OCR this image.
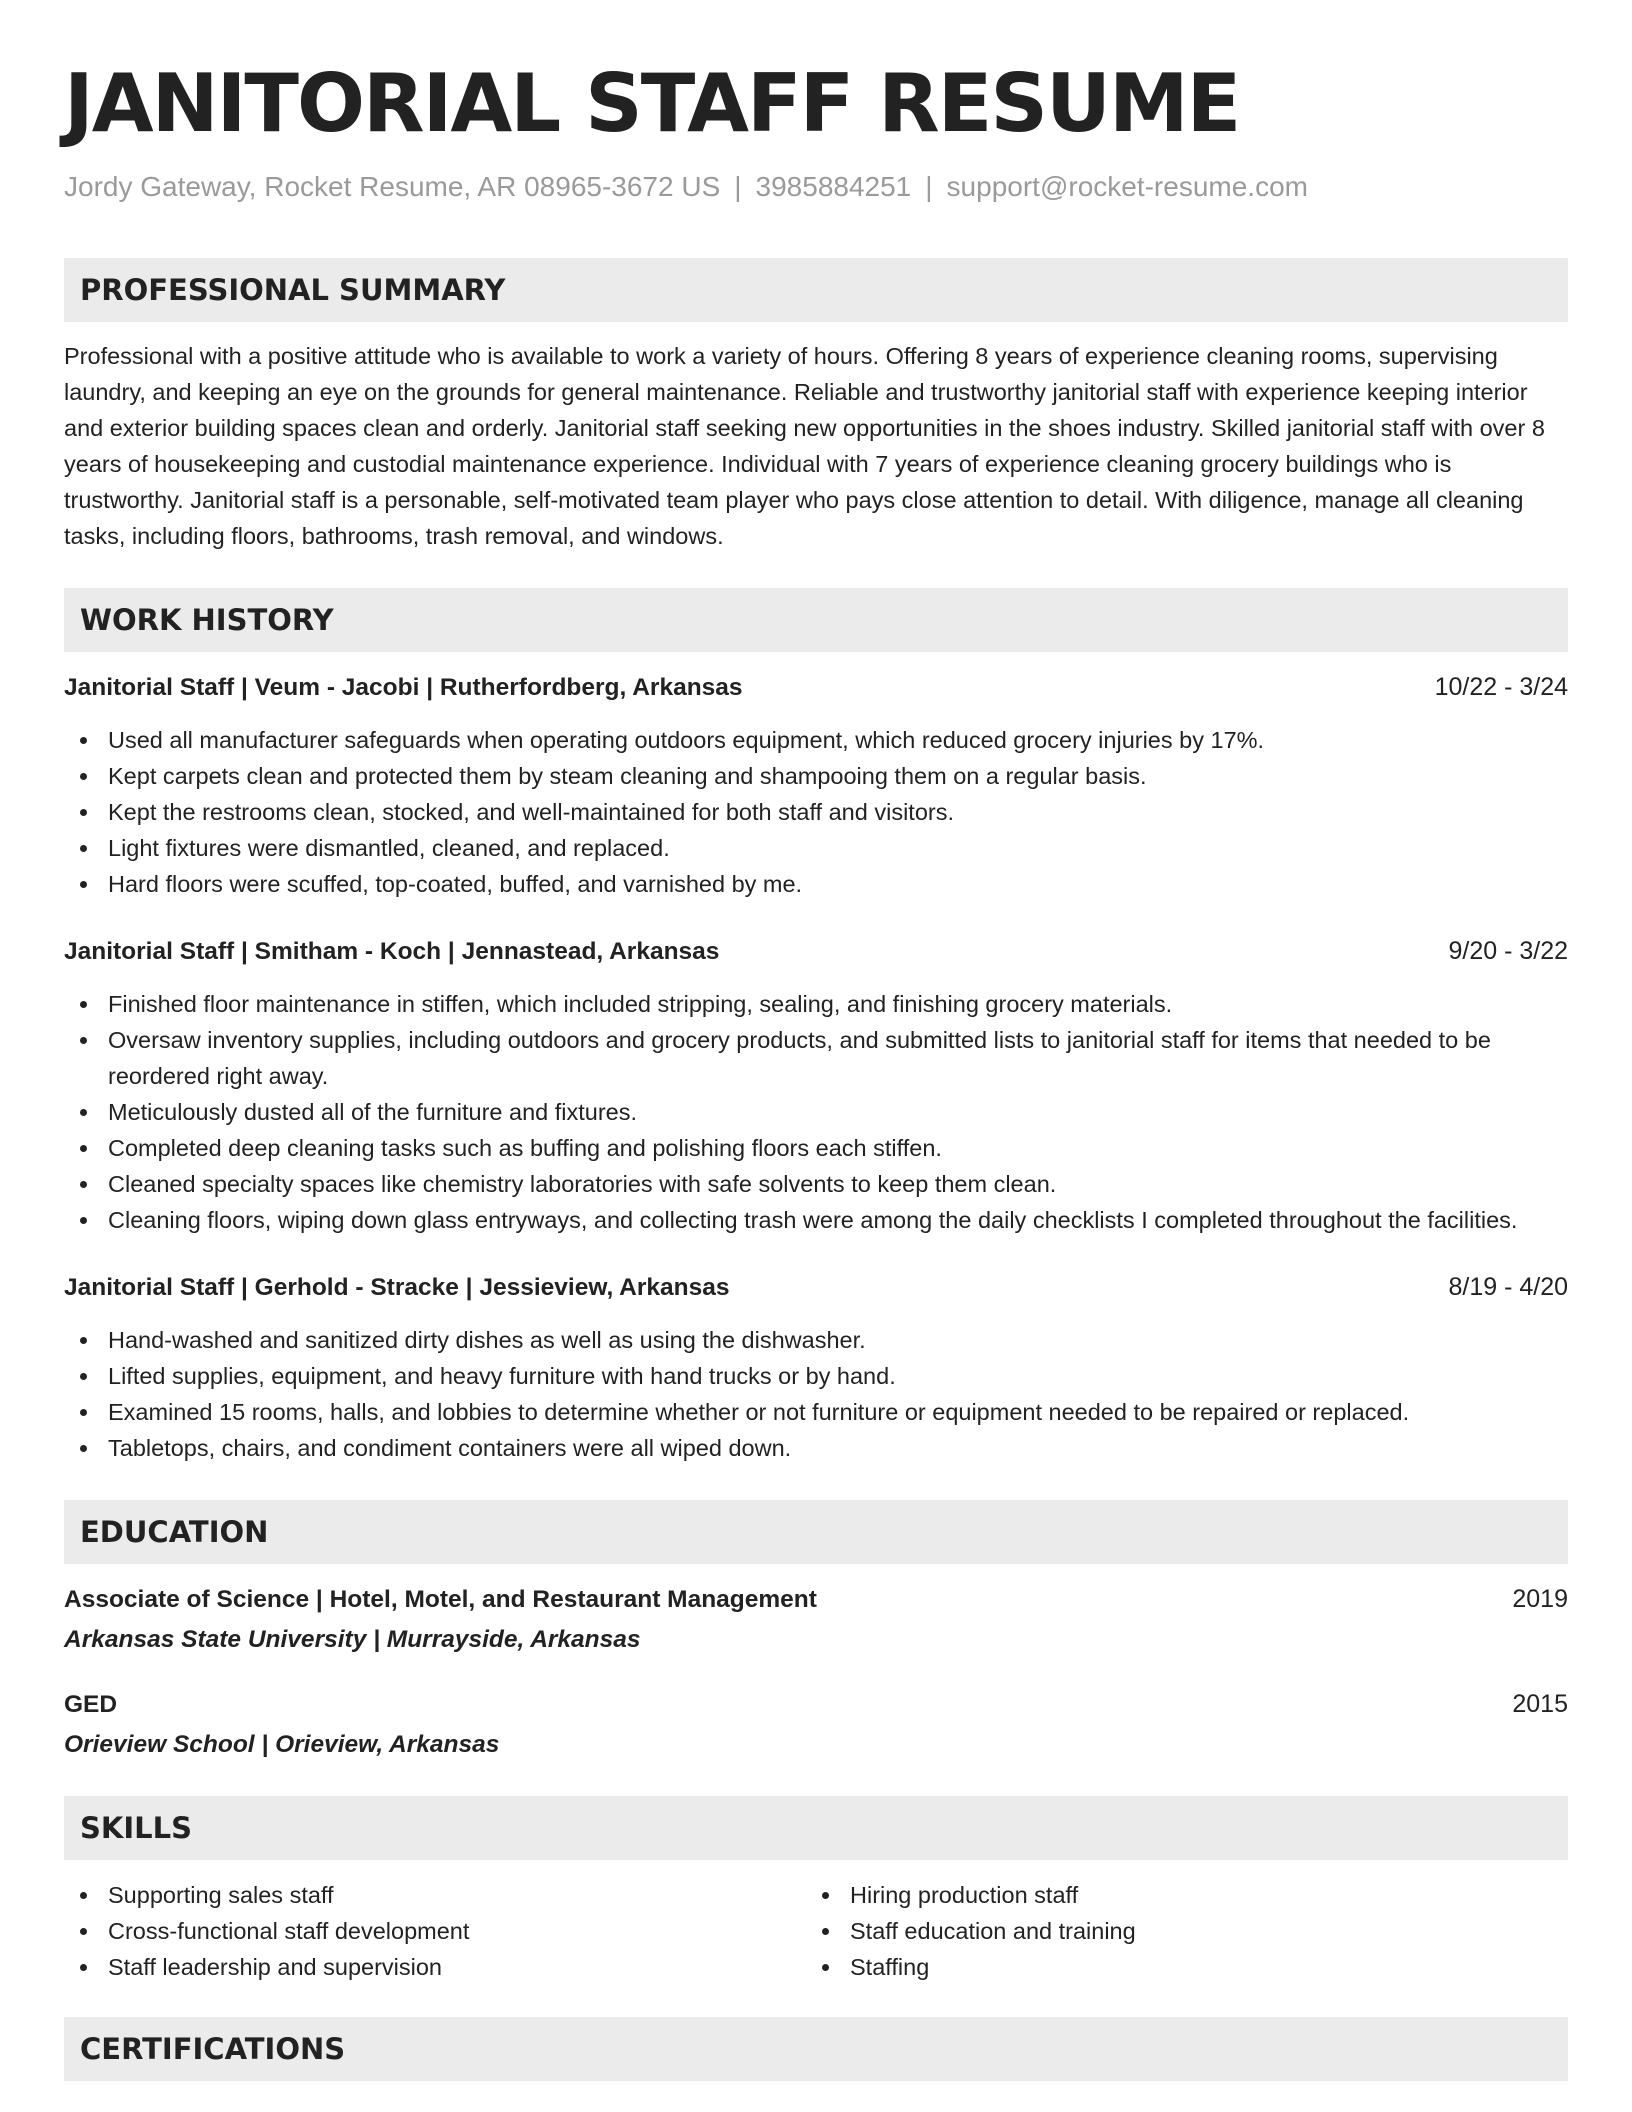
JANITORIAL STAFF RESUME
Jordy Gateway, Rocket Resume, AR 08965-3672 US | 3985884251 | support@rocket-resume.com
PROFESSIONAL SUMMARY

Professional with a positive attitude who is available to work a variety of hours. Offering 8 years of experience cleaning rooms, supervising laundry, and keeping an eye on the grounds for general maintenance. Reliable and trustworthy janitorial staff with experience keeping interior and exterior building spaces clean and orderly. Janitorial staff seeking new opportunities in the shoes industry. Skilled janitorial staff with over 8 years of housekeeping and custodial maintenance experience. Individual with 7 years of experience cleaning grocery buildings who is trustworthy. Janitorial staff is a personable, self-motivated team player who pays close attention to detail. With diligence, manage all cleaning tasks, including floors, bathrooms, trash removal, and windows.

WORK HISTORY
Janitorial Staff | Veum - Jacobi | Rutherfordberg, Arkansas	10/22 - 3/24
Used all manufacturer safeguards when operating outdoors equipment, which reduced grocery injuries by 17%.
Kept carpets clean and protected them by steam cleaning and shampooing them on a regular basis.
Kept the restrooms clean, stocked, and well-maintained for both staff and visitors.
Light fixtures were dismantled, cleaned, and replaced.
Hard floors were scuffed, top-coated, buffed, and varnished by me.
Janitorial Staff | Smitham - Koch | Jennastead, Arkansas	9/20 - 3/22
Finished floor maintenance in stiffen, which included stripping, sealing, and finishing grocery materials.
Oversaw inventory supplies, including outdoors and grocery products, and submitted lists to janitorial staff for items that needed to be reordered right away.
Meticulously dusted all of the furniture and fixtures.
Completed deep cleaning tasks such as buffing and polishing floors each stiffen.
Cleaned specialty spaces like chemistry laboratories with safe solvents to keep them clean.
Cleaning floors, wiping down glass entryways, and collecting trash were among the daily checklists I completed throughout the facilities.
Janitorial Staff | Gerhold - Stracke | Jessieview, Arkansas	8/19 - 4/20
Hand-washed and sanitized dirty dishes as well as using the dishwasher.
Lifted supplies, equipment, and heavy furniture with hand trucks or by hand.
Examined 15 rooms, halls, and lobbies to determine whether or not furniture or equipment needed to be repaired or replaced.
Tabletops, chairs, and condiment containers were all wiped down.
EDUCATION
Associate of Science | Hotel, Motel, and Restaurant Management	2019
Arkansas State University | Murrayside, Arkansas
GED	2015
Orieview School | Orieview, Arkansas
SKILLS
Supporting sales staff
Cross-functional staff development
Staff leadership and supervision
Hiring production staff
Staff education and training
Staffing
CERTIFICATIONS
